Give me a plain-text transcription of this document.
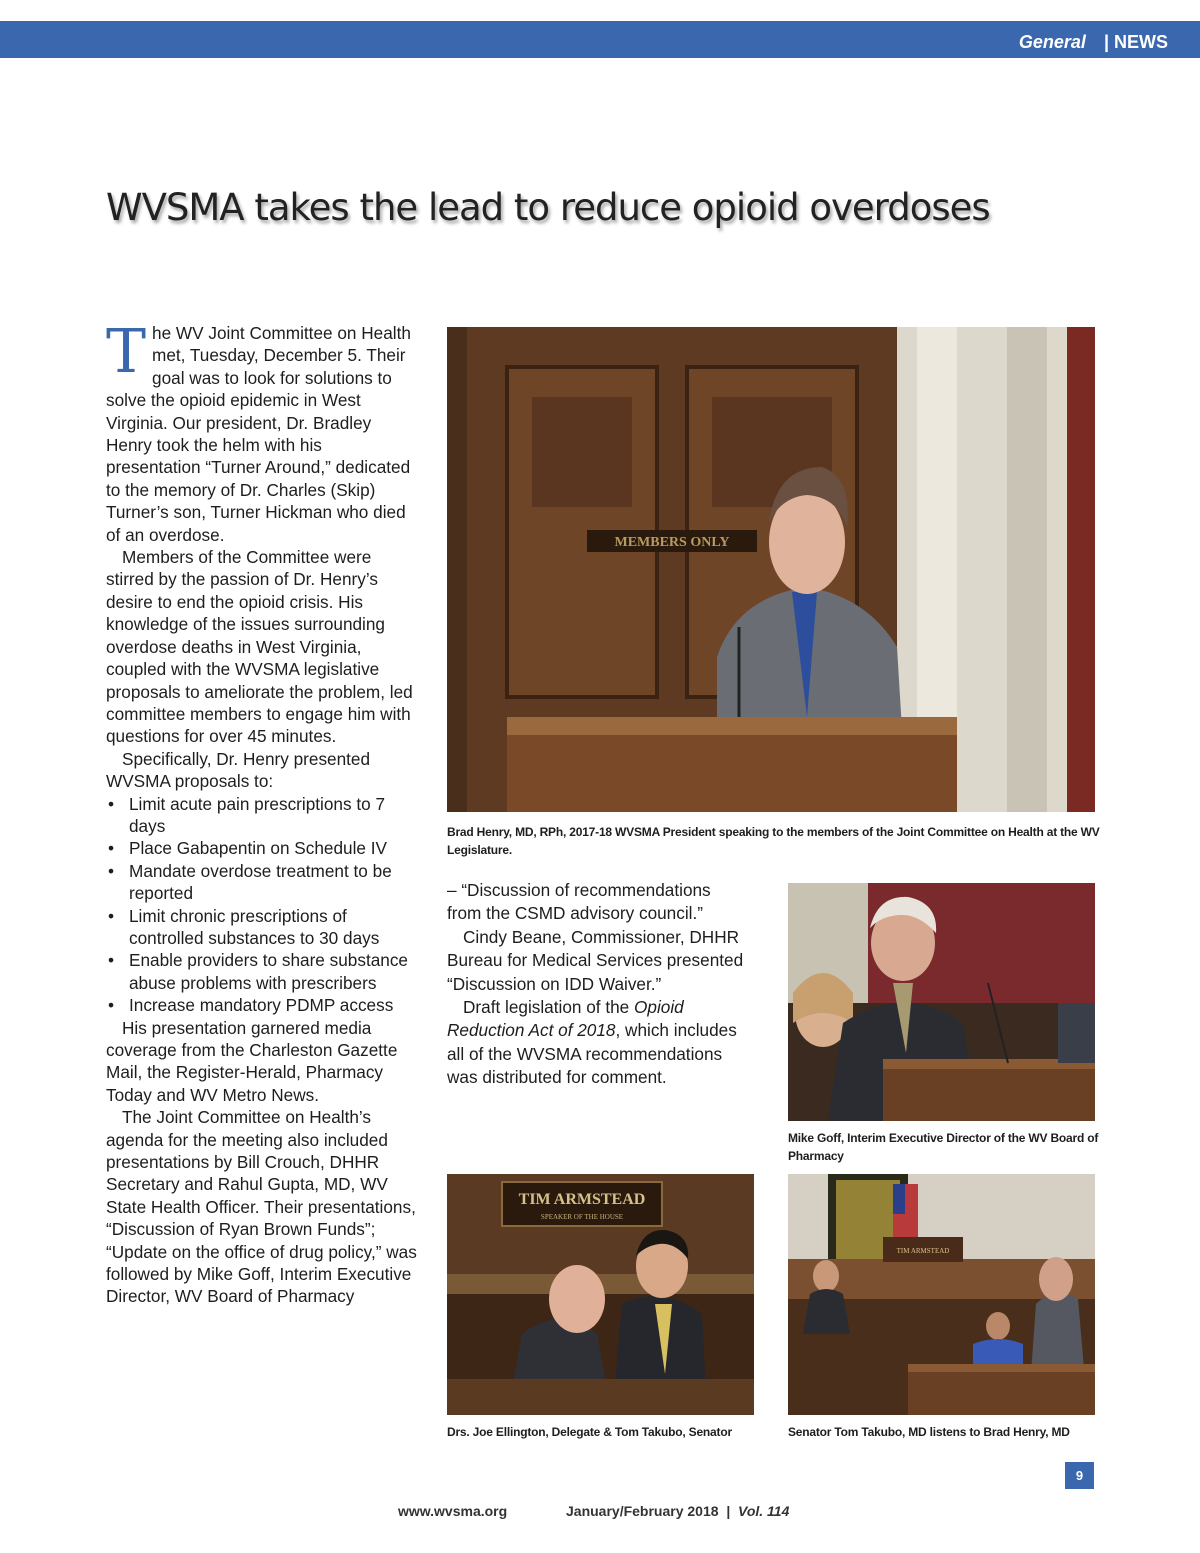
General | NEWS
WVSMA takes the lead to reduce opioid overdoses

The WV Joint Committee on Health met, Tuesday, December 5. Their goal was to look for solutions to solve the opioid epidemic in West Virginia. Our president, Dr. Bradley Henry took the helm with his presentation “Turner Around,” dedicated to the memory of Dr. Charles (Skip) Turner’s son, Turner Hickman who died of an overdose.

Members of the Committee were stirred by the passion of Dr. Henry’s desire to end the opioid crisis. His knowledge of the issues surrounding overdose deaths in West Virginia, coupled with the WVSMA legislative proposals to ameliorate the problem, led committee members to engage him with questions for over 45 minutes.

Specifically, Dr. Henry presented WVSMA proposals to:

• Limit acute pain prescriptions to 7 days
• Place Gabapentin on Schedule IV
• Mandate overdose treatment to be reported
• Limit chronic prescriptions of controlled substances to 30 days
• Enable providers to share substance abuse problems with prescribers
• Increase mandatory PDMP access

His presentation garnered media coverage from the Charleston Gazette Mail, the Register-Herald, Pharmacy Today and WV Metro News.

The Joint Committee on Health’s agenda for the meeting also included presentations by Bill Crouch, DHHR Secretary and Rahul Gupta, MD, WV State Health Officer. Their presentations, “Discussion of Ryan Brown Funds”; “Update on the office of drug policy,” was followed by Mike Goff, Interim Executive Director, WV Board of Pharmacy

– “Discussion of recommendations from the CSMD advisory council.”

Cindy Beane, Commissioner, DHHR Bureau for Medical Services presented “Discussion on IDD Waiver.”

Draft legislation of the Opioid Reduction Act of 2018, which includes all of the WVSMA recommendations was distributed for comment.

MEMBERS ONLY
Brad Henry, MD, RPh, 2017-18 WVSMA President speaking to the members of the Joint Committee on Health at the WV Legislature.
Mike Goff, Interim Executive Director of the WV Board of Pharmacy
TIM ARMSTEAD
SPEAKER OF THE HOUSE
Drs. Joe Ellington, Delegate & Tom Takubo, Senator
TIM ARMSTEAD
Senator Tom Takubo, MD listens to Brad Henry, MD
www.wvsma.org	January/February 2018 | Vol. 114
9
